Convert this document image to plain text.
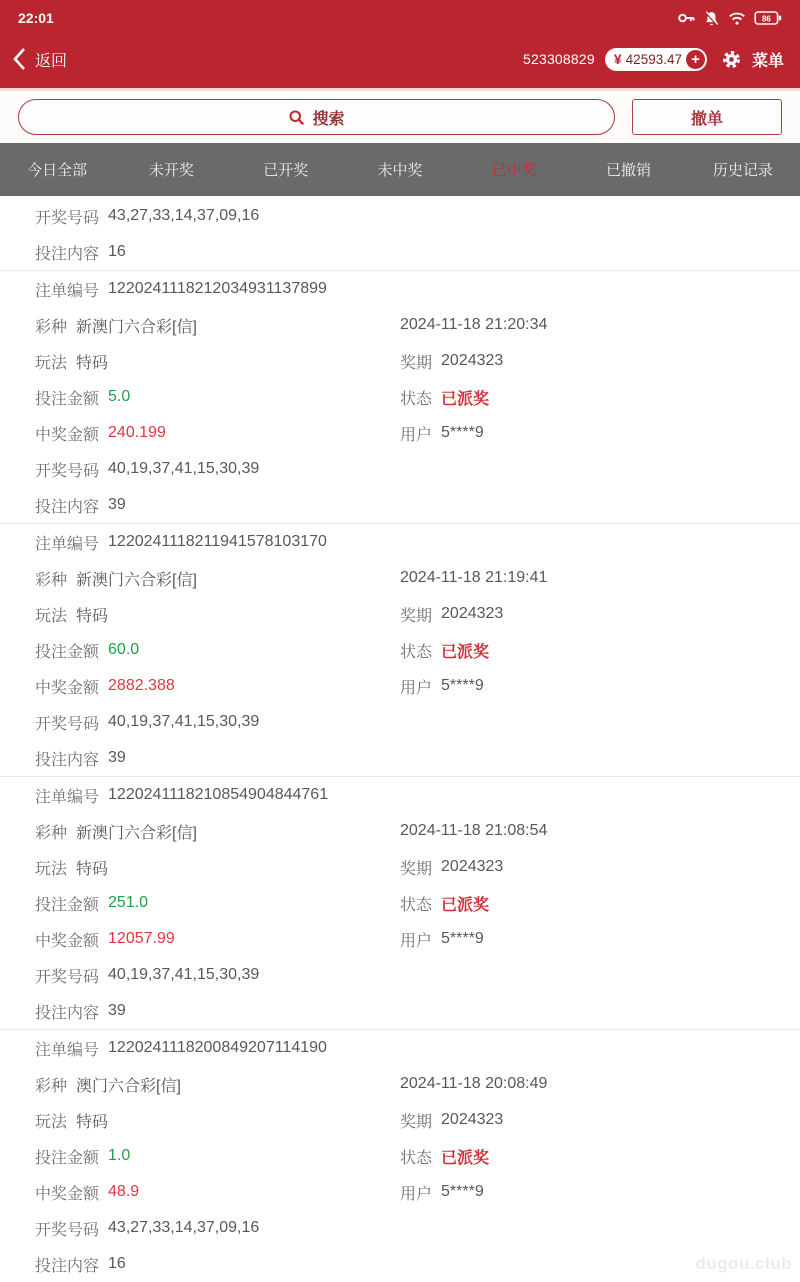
22:01	86
返回	523308829 ¥ 42593.47 +	菜单
搜索	撤单
今日全部	未开奖	已开奖	未中奖	已中奖	已撤销	历史记录
开奖号码 43,27,33,14,37,09,16
投注内容 16
注单编号 1220241118212034931137899
彩种 新澳门六合彩[信]	2024-11-18 21:20:34
玩法 特码	奖期 2024323
投注金额 5.0	状态 已派奖
中奖金额 240.199	用户 5****9
开奖号码 40,19,37,41,15,30,39
投注内容 39
注单编号 1220241118211941578103170
彩种 新澳门六合彩[信]	2024-11-18 21:19:41
玩法 特码	奖期 2024323
投注金额 60.0	状态 已派奖
中奖金额 2882.388	用户 5****9
开奖号码 40,19,37,41,15,30,39
投注内容 39
注单编号 1220241118210854904844761
彩种 新澳门六合彩[信]	2024-11-18 21:08:54
玩法 特码	奖期 2024323
投注金额 251.0	状态 已派奖
中奖金额 12057.99	用户 5****9
开奖号码 40,19,37,41,15,30,39
投注内容 39
注单编号 1220241118200849207114190
彩种 澳门六合彩[信]	2024-11-18 20:08:49
玩法 特码	奖期 2024323
投注金额 1.0	状态 已派奖
中奖金额 48.9	用户 5****9
开奖号码 43,27,33,14,37,09,16
投注内容 16	dugou.club
